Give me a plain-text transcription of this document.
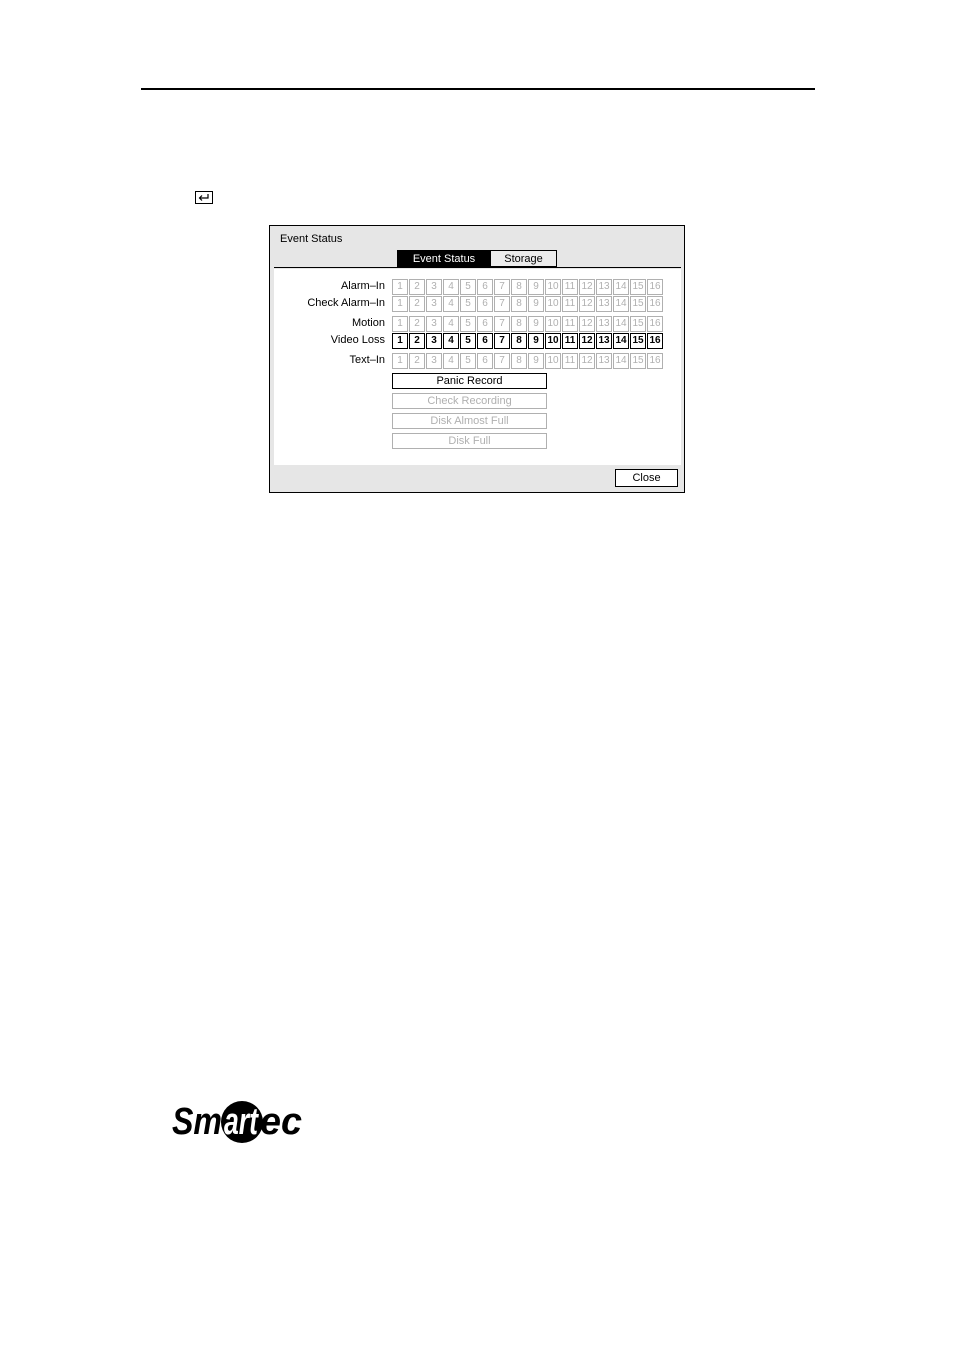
Event Status
Event Status	Storage
Panic Record
Check Recording
Disk Almost Full
Disk Full
Alarm–In	1	2	3	4	5	6	7	8	9 10 11 12 13 14 15 16
Check Alarm–In	1	2	3	4	5	6	7	8	9 10 11 12 13 14 15 16
Motion	1	2	3	4	5	6	7	8	9 10 11 12 13 14 15 16
Video Loss	1	2	3	4	5	6	7	8	9 10 11 12 13 14 15 16
Text–In	1	2	3	4	5	6	7	8	9 10 11 12 13 14 15 16
Close
Sm art ec
